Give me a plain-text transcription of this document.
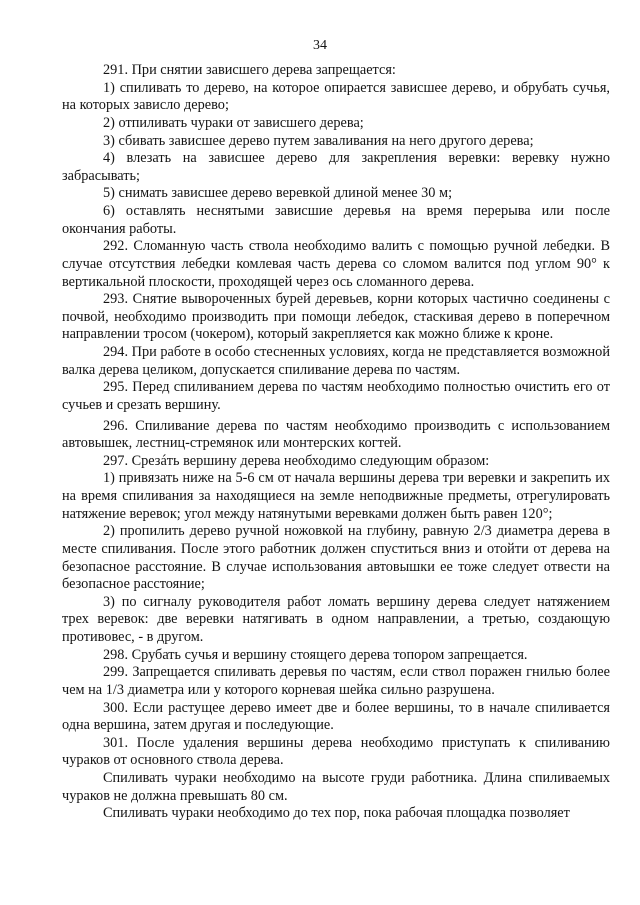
34

291. При снятии зависшего дерева запрещается:

1) спиливать то дерево, на которое опирается зависшее дерево, и обрубать сучья, на которых зависло дерево;

2) отпиливать чураки от зависшего дерева;

3) сбивать зависшее дерево путем заваливания на него другого дерева;

4) влезать на зависшее дерево для закрепления веревки: веревку нужно забрасывать;

5) снимать зависшее дерево веревкой длиной менее 30 м;

6) оставлять неснятыми зависшие деревья на время перерыва или после окончания работы.

292. Сломанную часть ствола необходимо валить с помощью ручной лебедки. В случае отсутствия лебедки комлевая часть дерева со сломом валится под углом 90° к вертикальной плоскости, проходящей через ось сломанного дерева.

293. Снятие вывороченных бурей деревьев, корни которых частично соединены с почвой, необходимо производить при помощи лебедок, стаскивая дерево в поперечном направлении тросом (чокером), который закрепляется как можно ближе к кроне.

294. При работе в особо стесненных условиях, когда не представляется возможной валка дерева целиком, допускается спиливание дерева по частям.

295. Перед спиливанием дерева по частям необходимо полностью очистить его от сучьев и срезать вершину.

296. Спиливание дерева по частям необходимо производить с использованием автовышек, лестниц-стремянок или монтерских когтей.

297. Срезáть вершину дерева необходимо следующим образом:

1) привязать ниже на 5-6 см от начала вершины дерева три веревки и закрепить их на время спиливания за находящиеся на земле неподвижные предметы, отрегулировать натяжение веревок; угол между натянутыми веревками должен быть равен 120°;

2) пропилить дерево ручной ножовкой на глубину, равную 2/3 диаметра дерева в месте спиливания. После этого работник должен спуститься вниз и отойти от дерева на безопасное расстояние. В случае использования автовышки ее тоже следует отвести на безопасное расстояние;

3) по сигналу руководителя работ ломать вершину дерева следует натяжением трех веревок: две веревки натягивать в одном направлении, а третью, создающую противовес, - в другом.

298. Срубать сучья и вершину стоящего дерева топором запрещается.

299. Запрещается спиливать деревья по частям, если ствол поражен гнилью более чем на 1/3 диаметра или у которого корневая шейка сильно разрушена.

300. Если растущее дерево имеет две и более вершины, то в начале спиливается одна вершина, затем другая и последующие.

301. После удаления вершины дерева необходимо приступать к спиливанию чураков от основного ствола дерева.

Спиливать чураки необходимо на высоте груди работника. Длина спиливаемых чураков не должна превышать 80 см.

Спиливать чураки необходимо до тех пор, пока рабочая площадка позволяет
